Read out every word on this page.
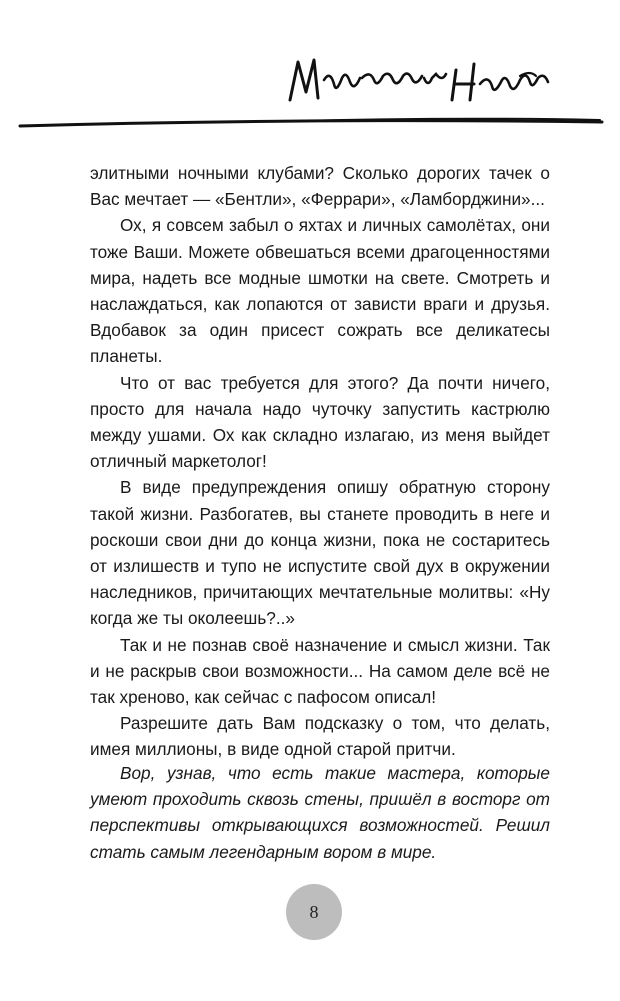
элитными ночными клубами? Сколько дорогих тачек о Вас мечтает — «Бентли», «Феррари», «Ламборджини»...

Ох, я совсем забыл о яхтах и личных самолётах, они тоже Ваши. Можете обвешаться всеми драгоценностями мира, надеть все модные шмотки на свете. Смотреть и наслаждаться, как лопаются от зависти враги и друзья. Вдобавок за один присест сожрать все деликатесы планеты.

Что от вас требуется для этого? Да почти ничего, просто для начала надо чуточку запустить кастрюлю между ушами. Ох как складно излагаю, из меня выйдет отличный маркетолог!

В виде предупреждения опишу обратную сторону такой жизни. Разбогатев, вы станете проводить в неге и роскоши свои дни до конца жизни, пока не состаритесь от излишеств и тупо не испустите свой дух в окружении наследников, причитающих мечтательные молитвы: «Ну когда же ты околеешь?..»

Так и не познав своё назначение и смысл жизни. Так и не раскрыв свои возможности... На самом деле всё не так хреново, как сейчас с пафосом описал!

Разрешите дать Вам подсказку о том, что делать, имея миллионы, в виде одной старой притчи.

Вор, узнав, что есть такие мастера, которые умеют проходить сквозь стены, пришёл в восторг от перспективы открывающихся возможностей. Решил стать самым легендарным вором в мире.

8
